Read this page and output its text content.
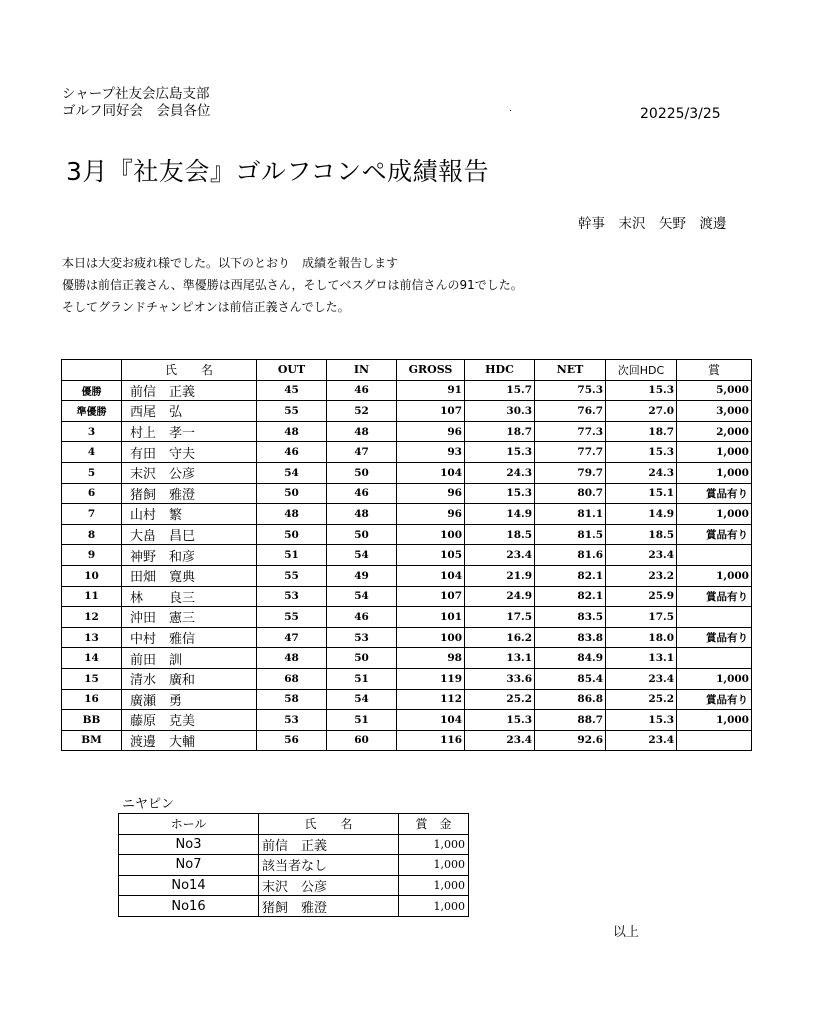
シャープ社友会広島支部
ゴルフ同好会　会員各位	.	20225/3/25
3月『社友会』ゴルフコンペ成績報告
幹事　末沢　矢野　渡邊
本日は大変お疲れ様でした。以下のとおり　成績を報告します
優勝は前信正義さん、準優勝は西尾弘さん，そしてベスグロは前信さんの91でした。
そしてグランドチャンピオンは前信正義さんでした。
	氏　　名	OUT	IN	GROSS	HDC	NET	次回HDC	賞
優勝	前信　正義	45	46	91	15.7	75.3	15.3	5,000
準優勝	西尾　弘	55	52	107	30.3	76.7	27.0	3,000
3	村上　孝一	48	48	96	18.7	77.3	18.7	2,000
4	有田　守夫	46	47	93	15.3	77.7	15.3	1,000
5	末沢　公彦	54	50	104	24.3	79.7	24.3	1,000
6	猪飼　雅澄	50	46	96	15.3	80.7	15.1	賞品有り
7	山村　繁	48	48	96	14.9	81.1	14.9	1,000
8	大畠　昌巳	50	50	100	18.5	81.5	18.5	賞品有り
9	神野　和彦	51	54	105	23.4	81.6	23.4	
10	田畑　寛典	55	49	104	21.9	82.1	23.2	1,000
11	林　　良三	53	54	107	24.9	82.1	25.9	賞品有り
12	沖田　憲三	55	46	101	17.5	83.5	17.5	
13	中村　雅信	47	53	100	16.2	83.8	18.0	賞品有り
14	前田　訓	48	50	98	13.1	84.9	13.1	
15	清水　廣和	68	51	119	33.6	85.4	23.4	1,000
16	廣瀬　勇	58	54	112	25.2	86.8	25.2	賞品有り
BB	藤原　克美	53	51	104	15.3	88.7	15.3	1,000
BM	渡邊　大輔	56	60	116	23.4	92.6	23.4	
ニヤピン
ホール	氏　　名	賞　金
No3	前信　正義	1,000
No7	該当者なし	1,000
No14	末沢　公彦	1,000
No16	猪飼　雅澄	1,000
以上
